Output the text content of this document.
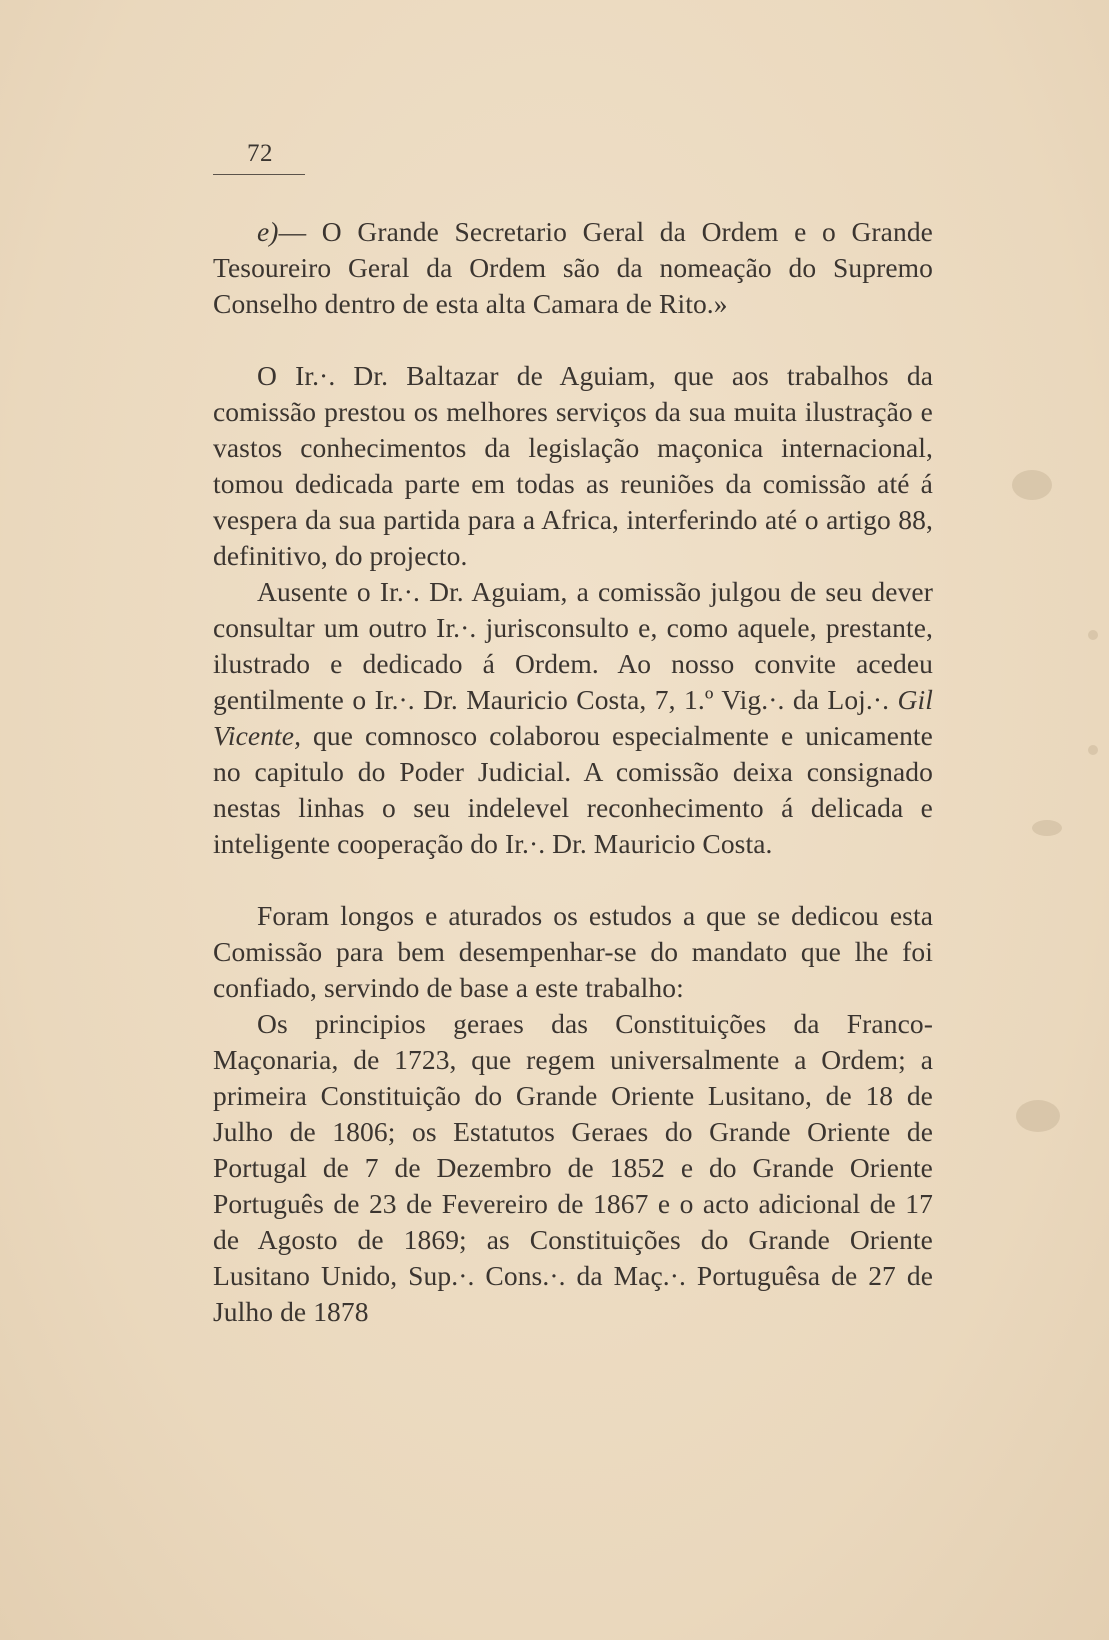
72

e)— O Grande Secretario Geral da Ordem e o Grande Tesoureiro Geral da Ordem são da nomeação do Supremo Conselho dentro de esta alta Camara de Rito.»

O Ir.·. Dr. Baltazar de Aguiam, que aos trabalhos da comissão prestou os melhores serviços da sua muita ilustração e vastos conhecimentos da legislação maçonica internacional, tomou dedicada parte em todas as reuniões da comissão até á vespera da sua partida para a Africa, interferindo até o artigo 88, definitivo, do projecto.

Ausente o Ir.·. Dr. Aguiam, a comissão julgou de seu dever consultar um outro Ir.·. jurisconsulto e, como aquele, prestante, ilustrado e dedicado á Ordem. Ao nosso convite acedeu gentilmente o Ir.·. Dr. Mauricio Costa, 7, 1.º Vig.·. da Loj.·. Gil Vicente, que comnosco colaborou especialmente e unicamente no capitulo do Poder Judicial. A comissão deixa consignado nestas linhas o seu indelevel reconhecimento á delicada e inteligente cooperação do Ir.·. Dr. Mauricio Costa.

Foram longos e aturados os estudos a que se dedicou esta Comissão para bem desempenhar-se do mandato que lhe foi confiado, servindo de base a este trabalho:

Os principios geraes das Constituições da Franco-Maçonaria, de 1723, que regem universalmente a Ordem; a primeira Constituição do Grande Oriente Lusitano, de 18 de Julho de 1806; os Estatutos Geraes do Grande Oriente de Portugal de 7 de Dezembro de 1852 e do Grande Oriente Português de 23 de Fevereiro de 1867 e o acto adicional de 17 de Agosto de 1869; as Constituições do Grande Oriente Lusitano Unido, Sup.·. Cons.·. da Maç.·. Portuguêsa de 27 de Julho de 1878
